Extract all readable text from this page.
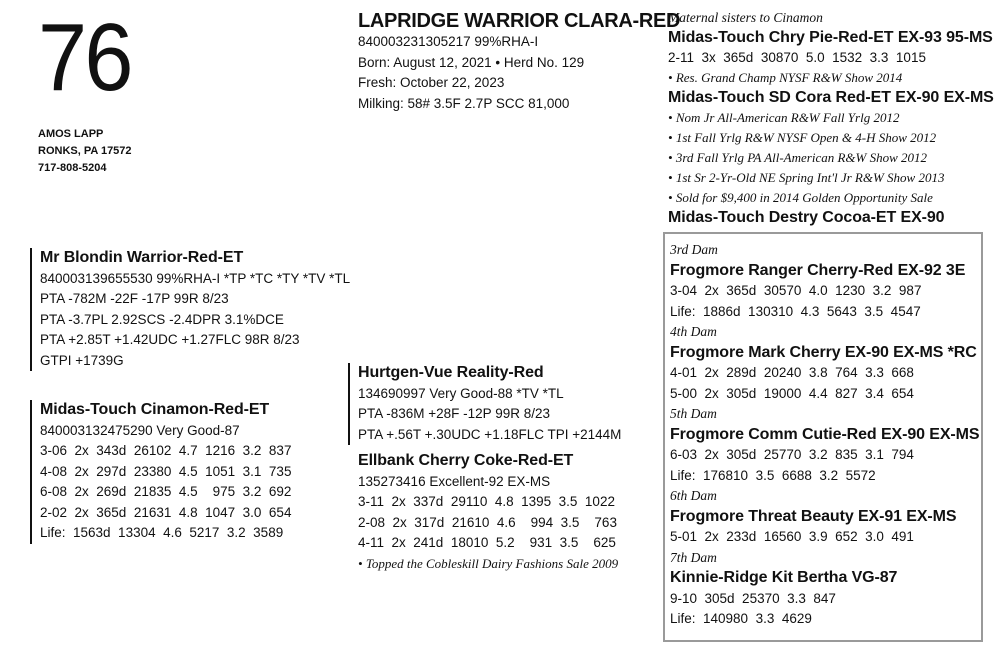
76
AMOS LAPP
RONKS, PA 17572
717-808-5204
LAPRIDGE WARRIOR CLARA-RED
840003231305217 99%RHA-I
Born: August 12, 2021 • Herd No. 129
Fresh: October 22, 2023
Milking: 58# 3.5F 2.7P SCC 81,000
Mr Blondin Warrior-Red-ET
840003139655530 99%RHA-I *TP *TC *TY *TV *TL
PTA -782M -22F -17P 99R 8/23
PTA -3.7PL 2.92SCS -2.4DPR 3.1%DCE
PTA +2.85T +1.42UDC +1.27FLC 98R 8/23
GTPI +1739G
Midas-Touch Cinamon-Red-ET
840003132475290 Very Good-87
3-06  2x  343d  26102  4.7  1216  3.2  837
4-08  2x  297d  23380  4.5  1051  3.1  735
6-08  2x  269d  21835  4.5    975  3.2  692
2-02  2x  365d  21631  4.8  1047  3.0  654
Life:  1563d  13304  4.6  5217  3.2  3589
Hurtgen-Vue Reality-Red
134690997 Very Good-88 *TV *TL
PTA -836M +28F -12P 99R 8/23
PTA +.56T +.30UDC +1.18FLC TPI +2144M
Ellbank Cherry Coke-Red-ET
135273416 Excellent-92 EX-MS
3-11  2x  337d  29110  4.8  1395  3.5  1022
2-08  2x  317d  21610  4.6    994  3.5    763
4-11  2x  241d  18010  5.2    931  3.5    625
• Topped the Cobleskill Dairy Fashions Sale 2009
Maternal sisters to Cinamon
Midas-Touch Chry Pie-Red-ET EX-93 95-MS
2-11  3x  365d  30870  5.0  1532  3.3  1015
• Res. Grand Champ NYSF R&W Show 2014
Midas-Touch SD Cora Red-ET EX-90 EX-MS
• Nom Jr All-American R&W Fall Yrlg 2012
• 1st Fall Yrlg R&W NYSF Open & 4-H Show 2012
• 3rd Fall Yrlg PA All-American R&W Show 2012
• 1st Sr 2-Yr-Old NE Spring Int'l Jr R&W Show 2013
• Sold for $9,400 in 2014 Golden Opportunity Sale
Midas-Touch Destry Cocoa-ET EX-90
3rd Dam
Frogmore Ranger Cherry-Red EX-92 3E
3-04  2x  365d  30570  4.0  1230  3.2  987
Life:  1886d  130310  4.3  5643  3.5  4547
4th Dam
Frogmore Mark Cherry EX-90 EX-MS *RC
4-01  2x  289d  20240  3.8  764  3.3  668
5-00  2x  305d  19000  4.4  827  3.4  654
5th Dam
Frogmore Comm Cutie-Red EX-90 EX-MS
6-03  2x  305d  25770  3.2  835  3.1  794
Life:  176810  3.5  6688  3.2  5572
6th Dam
Frogmore Threat Beauty EX-91 EX-MS
5-01  2x  233d  16560  3.9  652  3.0  491
7th Dam
Kinnie-Ridge Kit Bertha VG-87
9-10  305d  25370  3.3  847
Life:  140980  3.3  4629
